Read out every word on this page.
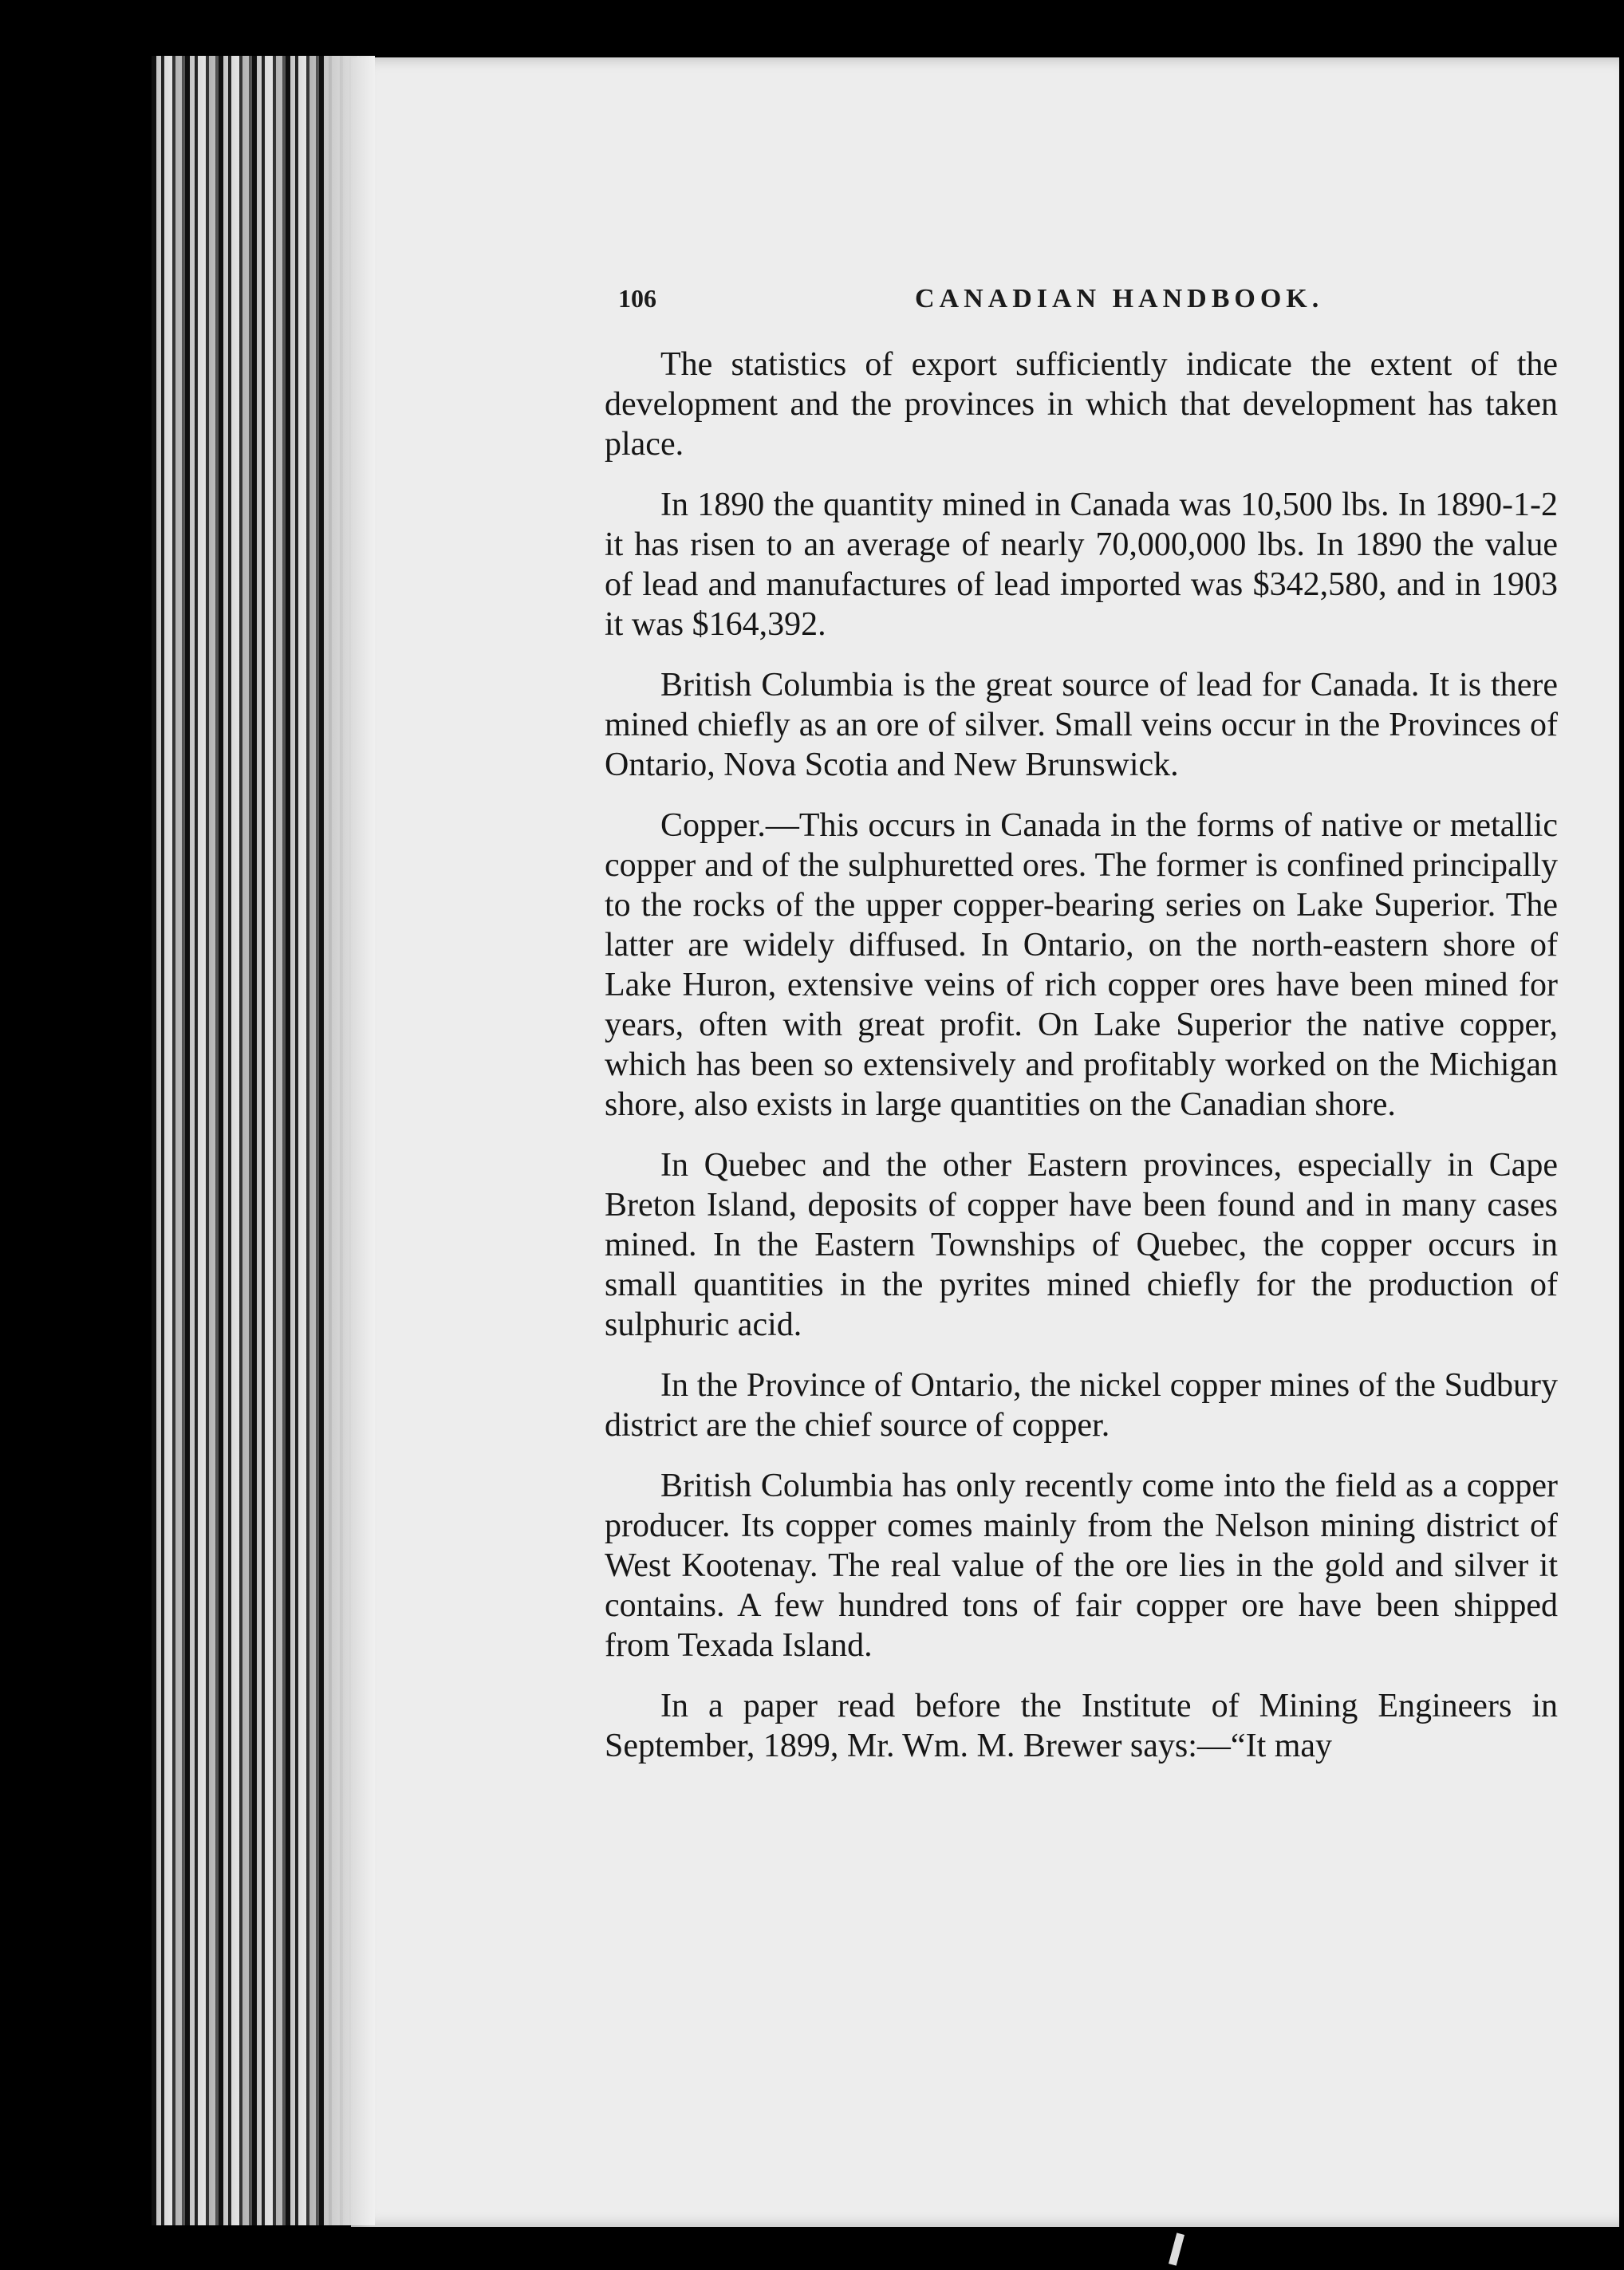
106	CANADIAN HANDBOOK.

The statistics of export sufficiently indicate the extent of the development and the provinces in which that development has taken place.

In 1890 the quantity mined in Canada was 10,500 lbs. In 1890-1-2 it has risen to an average of nearly 70,000,000 lbs. In 1890 the value of lead and manufactures of lead imported was $342,580, and in 1903 it was $164,392.

British Columbia is the great source of lead for Canada. It is there mined chiefly as an ore of silver. Small veins occur in the Provinces of Ontario, Nova Scotia and New Brunswick.

Copper.—This occurs in Canada in the forms of native or metallic copper and of the sulphuretted ores. The former is confined principally to the rocks of the upper copper-bearing series on Lake Superior. The latter are widely diffused. In Ontario, on the north-eastern shore of Lake Huron, extensive veins of rich copper ores have been mined for years, often with great profit. On Lake Superior the native copper, which has been so extensively and profitably worked on the Michigan shore, also exists in large quantities on the Canadian shore.

In Quebec and the other Eastern provinces, especially in Cape Breton Island, deposits of copper have been found and in many cases mined. In the Eastern Townships of Quebec, the copper occurs in small quantities in the pyrites mined chiefly for the production of sulphuric acid.

In the Province of Ontario, the nickel copper mines of the Sudbury district are the chief source of copper.

British Columbia has only recently come into the field as a copper producer. Its copper comes mainly from the Nelson mining district of West Kootenay. The real value of the ore lies in the gold and silver it contains. A few hundred tons of fair copper ore have been shipped from Texada Island.

In a paper read before the Institute of Mining Engineers in September, 1899, Mr. Wm. M. Brewer says:—“It may
